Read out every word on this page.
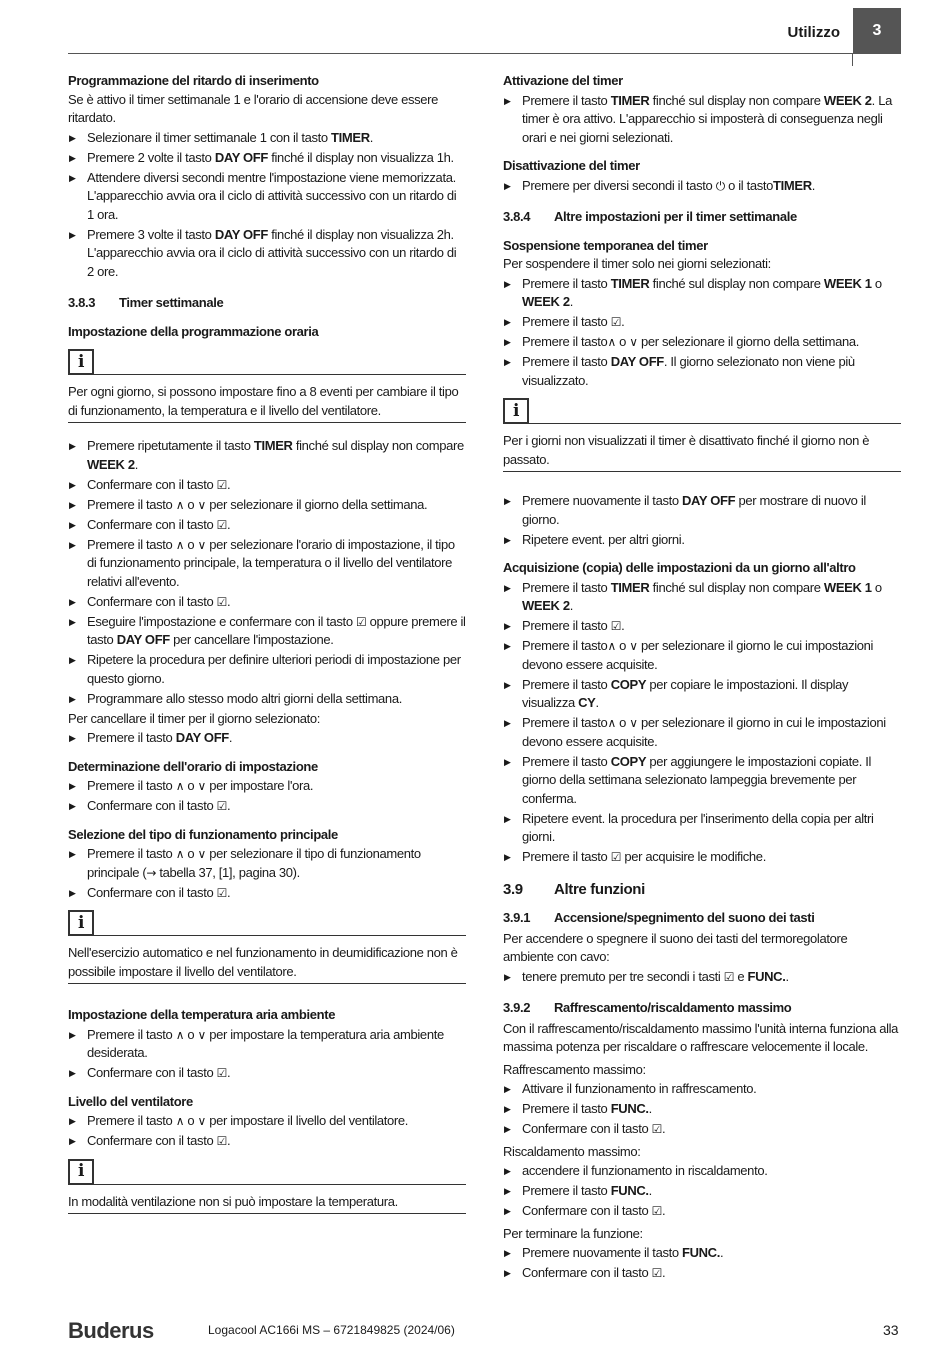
Utilizzo	3

Programmazione del ritardo di inserimento

Se è attivo il timer settimanale 1 e l'orario di accensione deve essere ritardato.

▶ Selezionare il timer settimanale 1 con il tasto TIMER.
▶ Premere 2 volte il tasto DAY OFF finché il display non visualizza 1h.
▶ Attendere diversi secondi mentre l'impostazione viene memorizzata. L'apparecchio avvia ora il ciclo di attività successivo con un ritardo di 1 ora.
▶ Premere 3 volte il tasto DAY OFF finché il display non visualizza 2h. L'apparecchio avvia ora il ciclo di attività successivo con un ritardo di 2 ore.

3.8.3 Timer settimanale

Impostazione della programmazione oraria

i
Per ogni giorno, si possono impostare fino a 8 eventi per cambiare il tipo di funzionamento, la temperatura e il livello del ventilatore.
▶ Premere ripetutamente il tasto TIMER finché sul display non compare WEEK 2.
▶ Confermare con il tasto ☑.
▶ Premere il tasto ∧ o ∨ per selezionare il giorno della settimana.
▶ Confermare con il tasto ☑.
▶ Premere il tasto ∧ o ∨ per selezionare l'orario di impostazione, il tipo di funzionamento principale, la temperatura o il livello del ventilatore relativi all'evento.
▶ Confermare con il tasto ☑.
▶ Eseguire l'impostazione e confermare con il tasto ☑ oppure premere il tasto DAY OFF per cancellare l'impostazione.
▶ Ripetere la procedura per definire ulteriori periodi di impostazione per questo giorno.
▶ Programmare allo stesso modo altri giorni della settimana.

Per cancellare il timer per il giorno selezionato:

▶ Premere il tasto DAY OFF.

Determinazione dell'orario di impostazione

▶ Premere il tasto ∧ o ∨ per impostare l'ora.
▶ Confermare con il tasto ☑.

Selezione del tipo di funzionamento principale

▶ Premere il tasto ∧ o ∨ per selezionare il tipo di funzionamento principale (→ tabella 37, [1], pagina 30).
▶ Confermare con il tasto ☑.
i
Nell'esercizio automatico e nel funzionamento in deumidificazione non è possibile impostare il livello del ventilatore.

Impostazione della temperatura aria ambiente

▶ Premere il tasto ∧ o ∨ per impostare la temperatura aria ambiente desiderata.
▶ Confermare con il tasto ☑.

Livello del ventilatore

▶ Premere il tasto ∧ o ∨ per impostare il livello del ventilatore.
▶ Confermare con il tasto ☑.
i
In modalità ventilazione non si può impostare la temperatura.

Attivazione del timer

▶ Premere il tasto TIMER finché sul display non compare WEEK 2. La timer è ora attivo. L'apparecchio si imposterà di conseguenza negli orari e nei giorni selezionati.

Disattivazione del timer

▶ Premere per diversi secondi il tasto ⏻ o il tastoTIMER.

3.8.4 Altre impostazioni per il timer settimanale

Sospensione temporanea del timer

Per sospendere il timer solo nei giorni selezionati:

▶ Premere il tasto TIMER finché sul display non compare WEEK 1 o WEEK 2.
▶ Premere il tasto ☑.
▶ Premere il tasto∧ o ∨ per selezionare il giorno della settimana.
▶ Premere il tasto DAY OFF. Il giorno selezionato non viene più visualizzato.
i
Per i giorni non visualizzati il timer è disattivato finché il giorno non è passato.
▶ Premere nuovamente il tasto DAY OFF per mostrare di nuovo il giorno.
▶ Ripetere event. per altri giorni.

Acquisizione (copia) delle impostazioni da un giorno all'altro

▶ Premere il tasto TIMER finché sul display non compare WEEK 1 o WEEK 2.
▶ Premere il tasto ☑.
▶ Premere il tasto∧ o ∨ per selezionare il giorno le cui impostazioni devono essere acquisite.
▶ Premere il tasto COPY per copiare le impostazioni. Il display visualizza CY.
▶ Premere il tasto∧ o ∨ per selezionare il giorno in cui le impostazioni devono essere acquisite.
▶ Premere il tasto COPY per aggiungere le impostazioni copiate. Il giorno della settimana selezionato lampeggia brevemente per conferma.
▶ Ripetere event. la procedura per l'inserimento della copia per altri giorni.
▶ Premere il tasto ☑ per acquisire le modifiche.

3.9 Altre funzioni

3.9.1 Accensione/spegnimento del suono dei tasti

Per accendere o spegnere il suono dei tasti del termoregolatore ambiente con cavo:

▶ tenere premuto per tre secondi i tasti ☑ e FUNC..

3.9.2 Raffrescamento/riscaldamento massimo

Con il raffrescamento/riscaldamento massimo l'unità interna funziona alla massima potenza per riscaldare o raffrescare velocemente il locale.

Raffrescamento massimo:

▶ Attivare il funzionamento in raffrescamento.
▶ Premere il tasto FUNC..
▶ Confermare con il tasto ☑.

Riscaldamento massimo:

▶ accendere il funzionamento in riscaldamento.
▶ Premere il tasto FUNC..
▶ Confermare con il tasto ☑.

Per terminare la funzione:

▶ Premere nuovamente il tasto FUNC..
▶ Confermare con il tasto ☑.
Buderus	Logacool AC166i MS – 6721849825 (2024/06)	33
